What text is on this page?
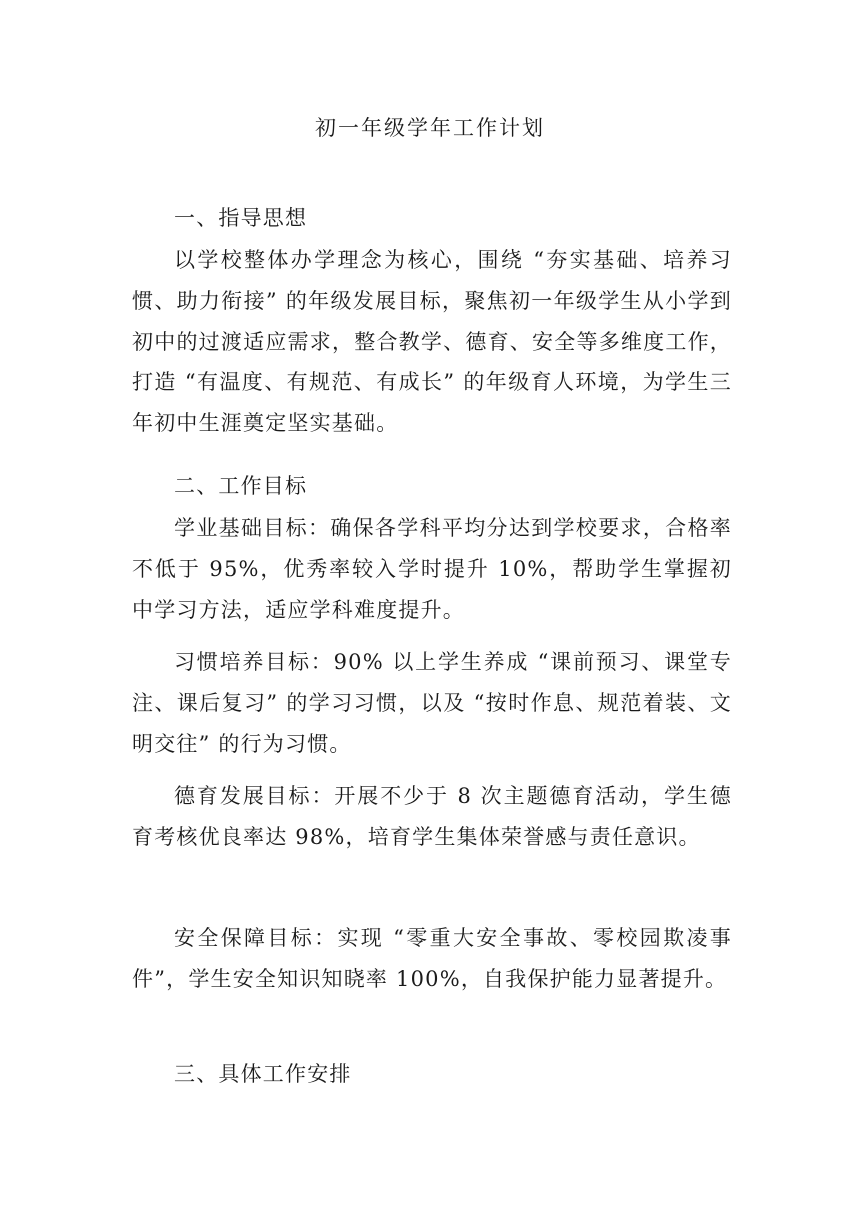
初一年级学年工作计划

一、指导思想

以学校整体办学理念为核心，围绕 “夯实基础、培养习惯、助力衔接” 的年级发展目标，聚焦初一年级学生从小学到初中的过渡适应需求，整合教学、德育、安全等多维度工作，打造 “有温度、有规范、有成长” 的年级育人环境，为学生三年初中生涯奠定坚实基础。

二、工作目标

学业基础目标：确保各学科平均分达到学校要求，合格率不低于 95%，优秀率较入学时提升 10%，帮助学生掌握初中学习方法，适应学科难度提升。

习惯培养目标：90% 以上学生养成 “课前预习、课堂专注、课后复习” 的学习习惯，以及 “按时作息、规范着装、文明交往” 的行为习惯。

德育发展目标：开展不少于 8 次主题德育活动，学生德育考核优良率达 98%，培育学生集体荣誉感与责任意识。

安全保障目标：实现 “零重大安全事故、零校园欺凌事件”，学生安全知识知晓率 100%，自我保护能力显著提升。

三、具体工作安排
